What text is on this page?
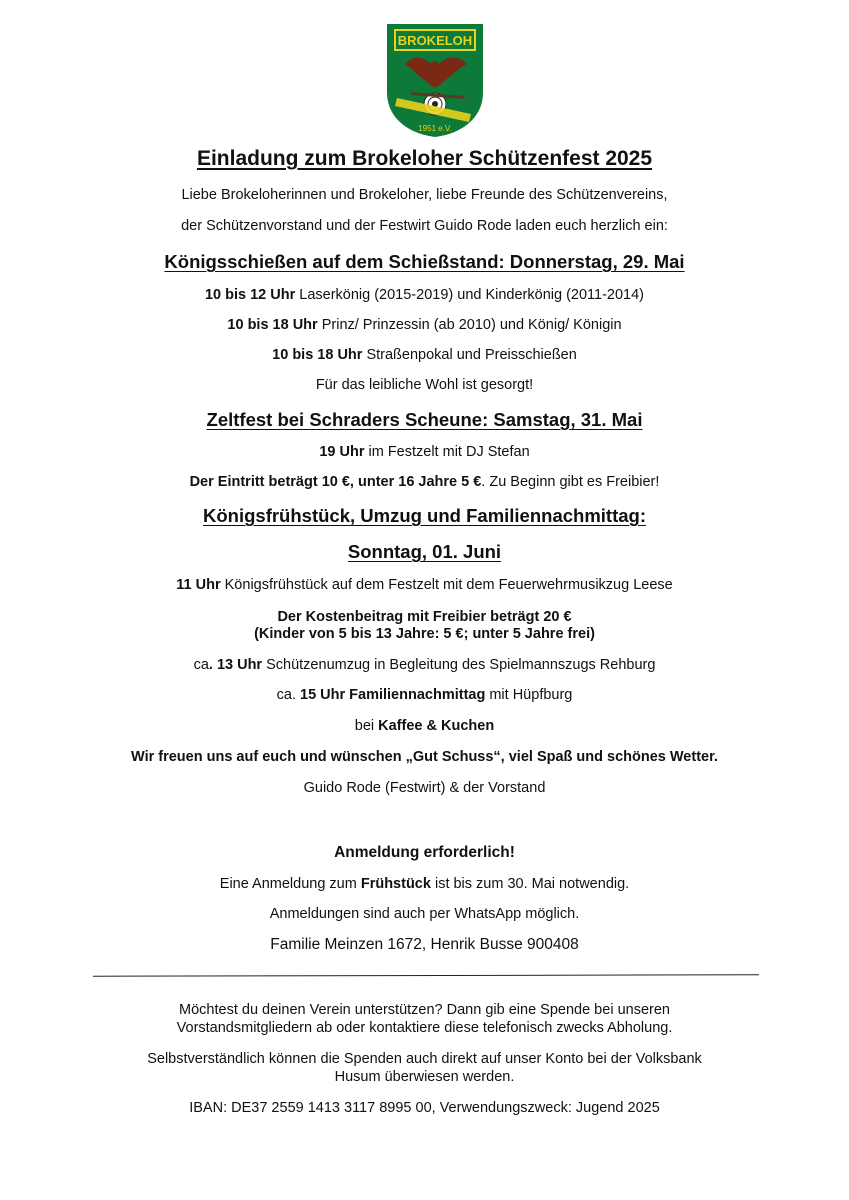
BROKELOH
1951 e.V.
Einladung zum Brokeloher Schützenfest 2025
Liebe Brokeloherinnen und Brokeloher, liebe Freunde des Schützenvereins,
der Schützenvorstand und der Festwirt Guido Rode laden euch herzlich ein:
Königsschießen auf dem Schießstand: Donnerstag, 29. Mai
10 bis 12 Uhr Laserkönig (2015-2019) und Kinderkönig (2011-2014)
10 bis 18 Uhr Prinz/ Prinzessin (ab 2010) und König/ Königin
10 bis 18 Uhr Straßenpokal und Preisschießen
Für das leibliche Wohl ist gesorgt!
Zeltfest bei Schraders Scheune: Samstag, 31. Mai
19 Uhr im Festzelt mit DJ Stefan
Der Eintritt beträgt 10 €, unter 16 Jahre 5 €. Zu Beginn gibt es Freibier!
Königsfrühstück, Umzug und Familiennachmittag:
Sonntag, 01. Juni
11 Uhr Königsfrühstück auf dem Festzelt mit dem Feuerwehrmusikzug Leese
Der Kostenbeitrag mit Freibier beträgt 20 €
(Kinder von 5 bis 13 Jahre: 5 €; unter 5 Jahre frei)
ca. 13 Uhr Schützenumzug in Begleitung des Spielmannszugs Rehburg
ca. 15 Uhr Familiennachmittag mit Hüpfburg
bei Kaffee & Kuchen
Wir freuen uns auf euch und wünschen „Gut Schuss“, viel Spaß und schönes Wetter.
Guido Rode (Festwirt) & der Vorstand
Anmeldung erforderlich!
Eine Anmeldung zum Frühstück ist bis zum 30. Mai notwendig.
Anmeldungen sind auch per WhatsApp möglich.
Familie Meinzen 1672, Henrik Busse 900408
Möchtest du deinen Verein unterstützen? Dann gib eine Spende bei unseren
Vorstandsmitgliedern ab oder kontaktiere diese telefonisch zwecks Abholung.
Selbstverständlich können die Spenden auch direkt auf unser Konto bei der Volksbank
Husum überwiesen werden.
IBAN: DE37 2559 1413 3117 8995 00, Verwendungszweck: Jugend 2025
